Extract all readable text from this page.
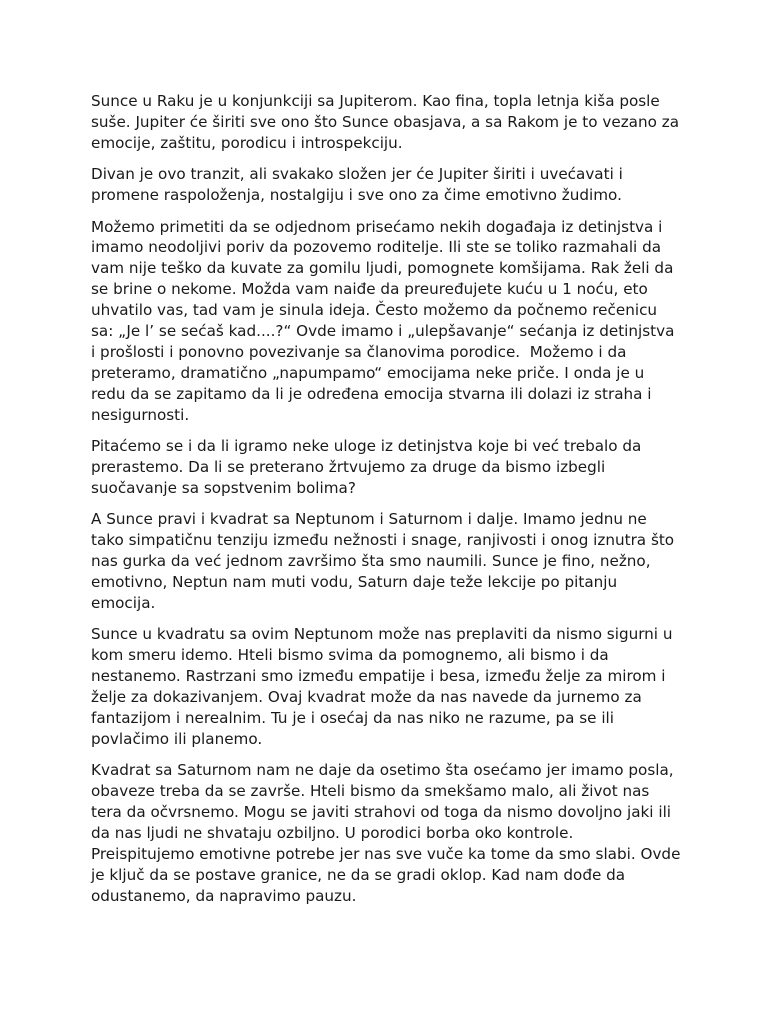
Sunce u Raku je u konjunkciji sa Jupiterom. Kao fina, topla letnja kiša posle suše. Jupiter će širiti sve ono što Sunce obasjava, a sa Rakom je to vezano za emocije, zaštitu, porodicu i introspekciju.

Divan je ovo tranzit, ali svakako složen jer će Jupiter širiti i uvećavati i promene raspoloženja, nostalgiju i sve ono za čime emotivno žudimo.

Možemo primetiti da se odjednom prisećamo nekih događaja iz detinjstva i imamo neodoljivi poriv da pozovemo roditelje. Ili ste se toliko razmahali da vam nije teško da kuvate za gomilu ljudi, pomognete komšijama. Rak želi da se brine o nekome. Možda vam naiđe da preuređujete kuću u 1 noću, eto uhvatilo vas, tad vam je sinula ideja. Često možemo da počnemo rečenicu sa: „Je l’ se sećaš kad....?“ Ovde imamo i „ulepšavanje“ sećanja iz detinjstva i prošlosti i ponovno povezivanje sa članovima porodice.  Možemo i da preteramo, dramatično „napumpamo“ emocijama neke priče. I onda je u redu da se zapitamo da li je određena emocija stvarna ili dolazi iz straha i nesigurnosti.

Pitaćemo se i da li igramo neke uloge iz detinjstva koje bi već trebalo da prerastemo. Da li se preterano žrtvujemo za druge da bismo izbegli suočavanje sa sopstvenim bolima?

A Sunce pravi i kvadrat sa Neptunom i Saturnom i dalje. Imamo jednu ne tako simpatičnu tenziju između nežnosti i snage, ranjivosti i onog iznutra što nas gurka da već jednom završimo šta smo naumili. Sunce je fino, nežno, emotivno, Neptun nam muti vodu, Saturn daje teže lekcije po pitanju emocija.

Sunce u kvadratu sa ovim Neptunom može nas preplaviti da nismo sigurni u kom smeru idemo. Hteli bismo svima da pomognemo, ali bismo i da nestanemo. Rastrzani smo između empatije i besa, između želje za mirom i želje za dokazivanjem. Ovaj kvadrat može da nas navede da jurnemo za fantazijom i nerealnim. Tu je i osećaj da nas niko ne razume, pa se ili povlačimo ili planemo.

Kvadrat sa Saturnom nam ne daje da osetimo šta osećamo jer imamo posla, obaveze treba da se završe. Hteli bismo da smekšamo malo, ali život nas tera da očvrsnemo. Mogu se javiti strahovi od toga da nismo dovoljno jaki ili da nas ljudi ne shvataju ozbiljno. U porodici borba oko kontrole. Preispitujemo emotivne potrebe jer nas sve vuče ka tome da smo slabi. Ovde je ključ da se postave granice, ne da se gradi oklop. Kad nam dođe da odustanemo, da napravimo pauzu.
